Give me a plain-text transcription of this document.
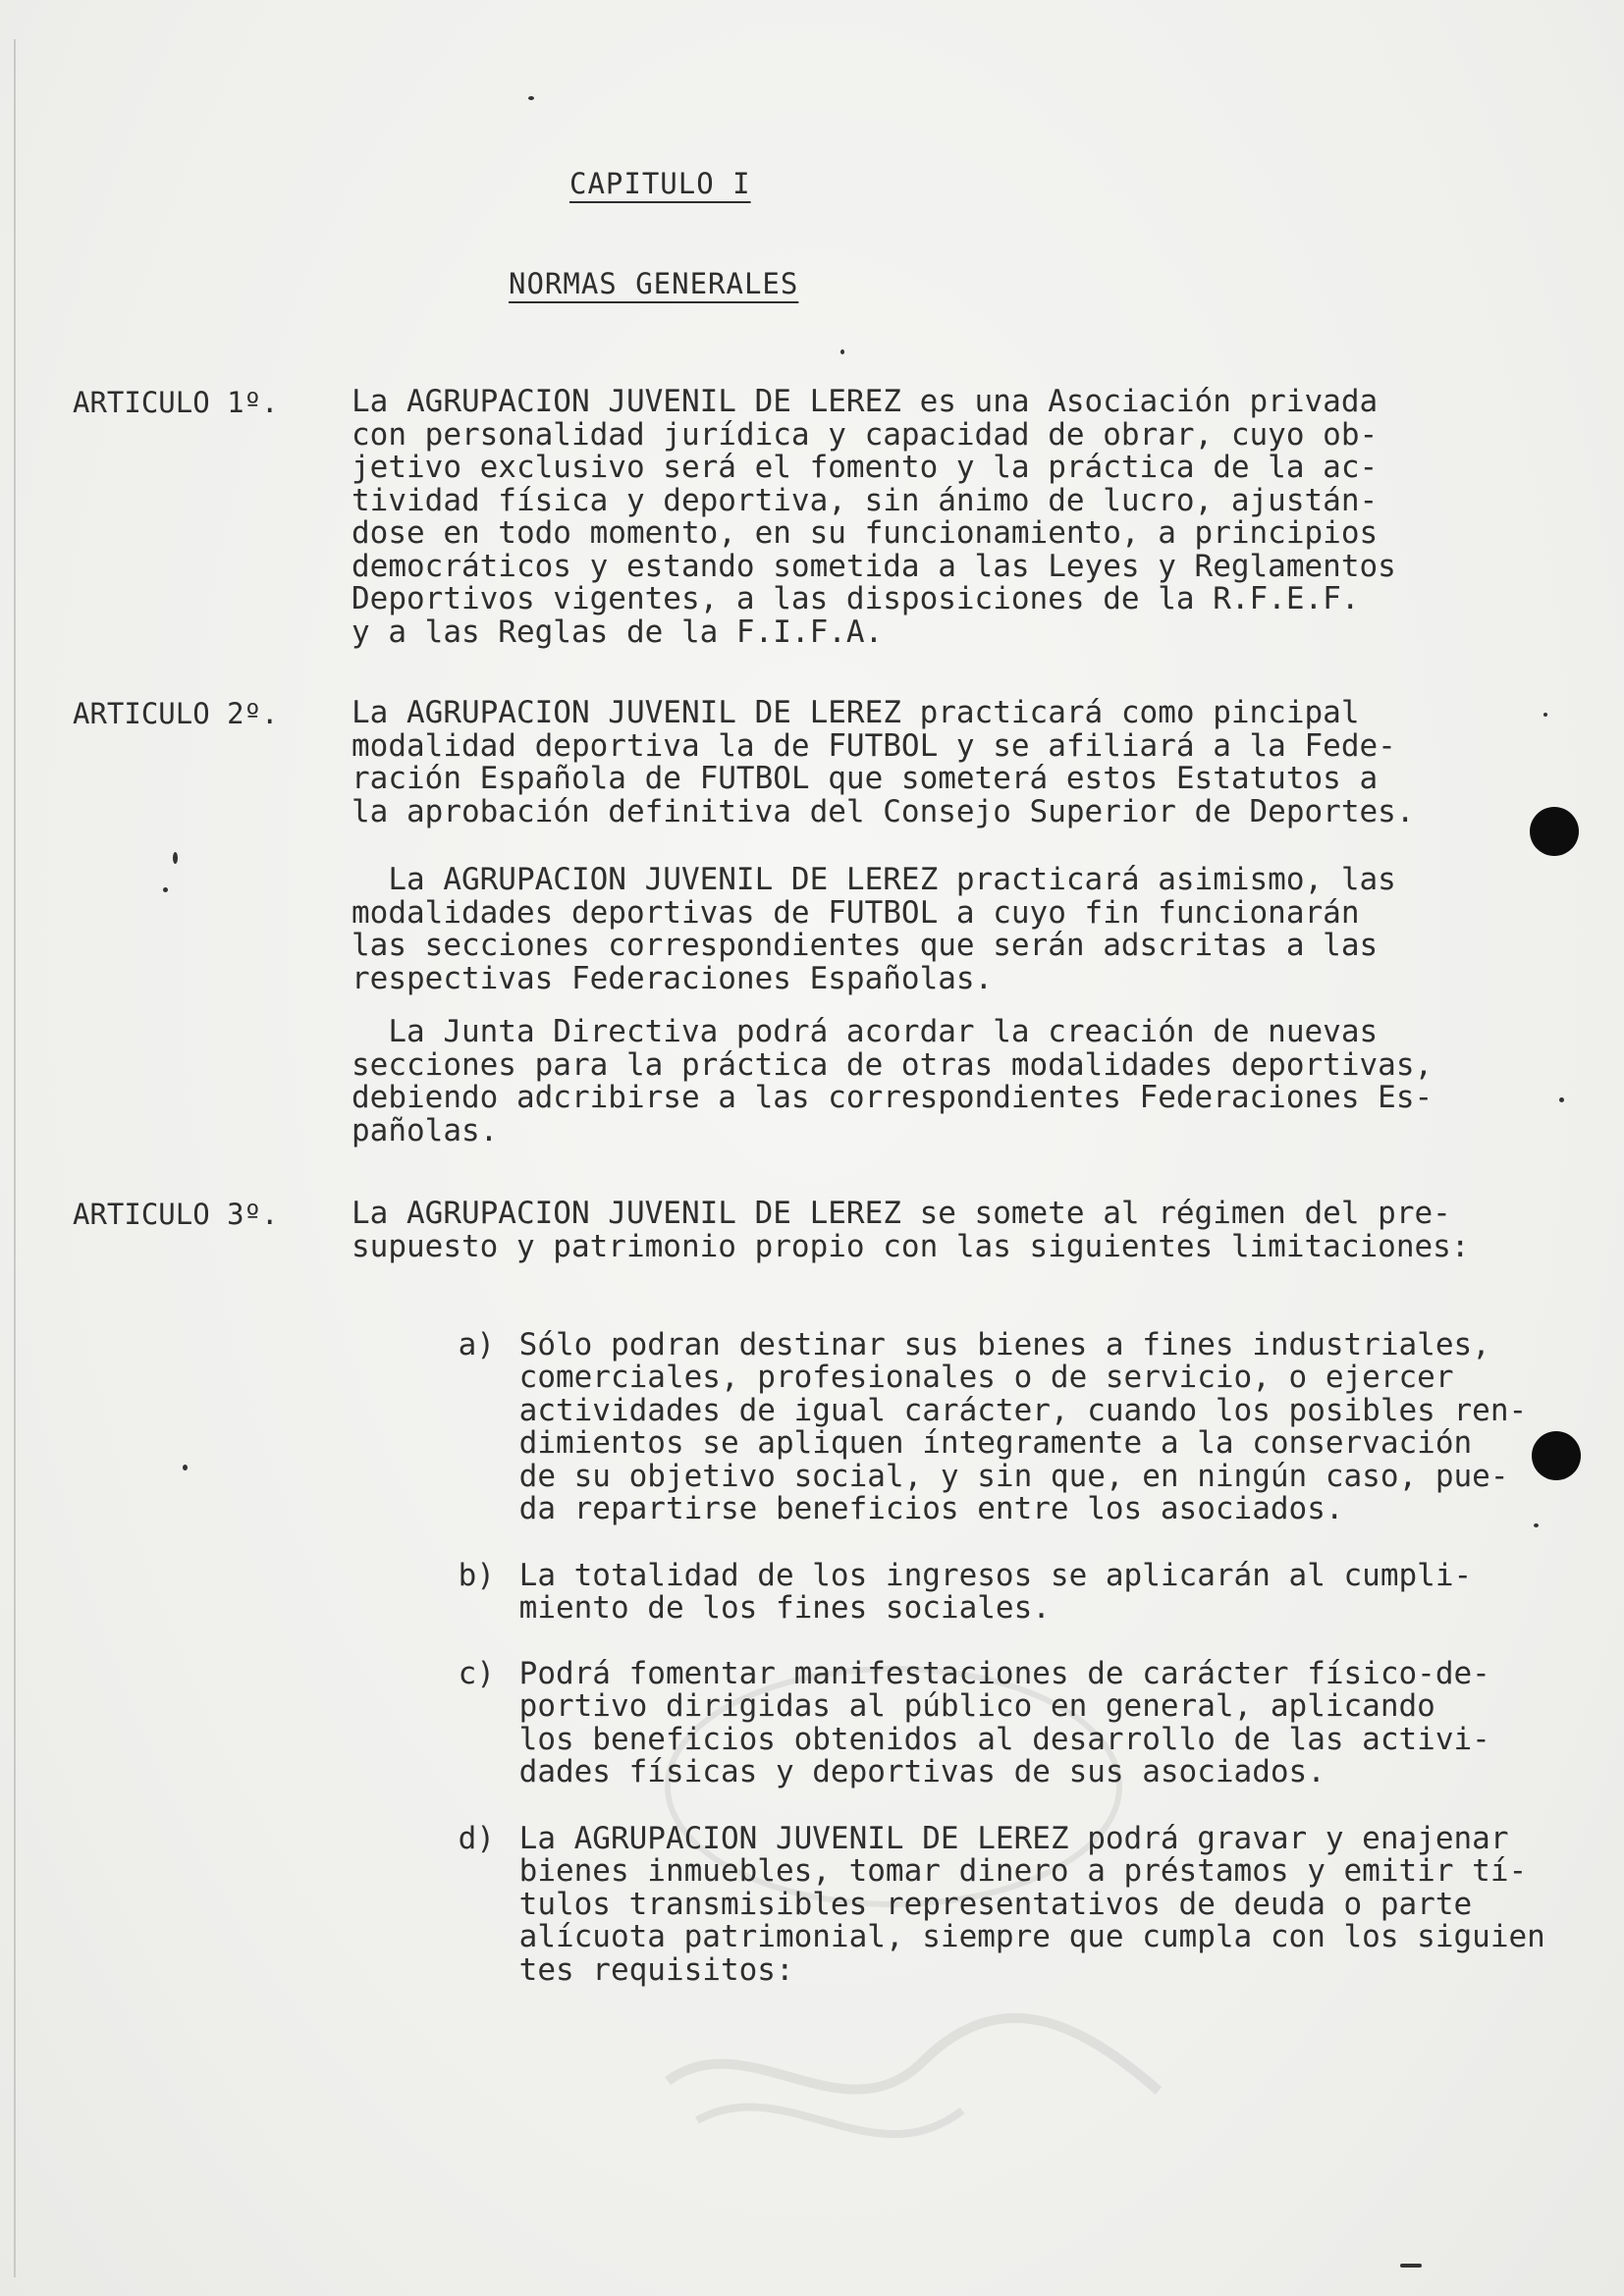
CAPITULO I
NORMAS GENERALES
ARTICULO 1º. La AGRUPACION JUVENIL DE LEREZ es una Asociación privada
con personalidad jurídica y capacidad de obrar, cuyo ob-
jetivo exclusivo será el fomento y la práctica de la ac-
tividad física y deportiva, sin ánimo de lucro, ajustán-
dose en todo momento, en su funcionamiento, a principios
democráticos y estando sometida a las Leyes y Reglamentos
Deportivos vigentes, a las disposiciones de la R.F.E.F.
y a las Reglas de la F.I.F.A.
ARTICULO 2º. La AGRUPACION JUVENIL DE LEREZ practicará como pincipal
modalidad deportiva la de FUTBOL y se afiliará a la Fede-
ración Española de FUTBOL que someterá estos Estatutos a
la aprobación definitiva del Consejo Superior de Deportes.
La AGRUPACION JUVENIL DE LEREZ practicará asimismo, las
modalidades deportivas de FUTBOL a cuyo fin funcionarán
las secciones correspondientes que serán adscritas a las
respectivas Federaciones Españolas.
La Junta Directiva podrá acordar la creación de nuevas
secciones para la práctica de otras modalidades deportivas,
debiendo adcribirse a las correspondientes Federaciones Es-
pañolas.
ARTICULO 3º. La AGRUPACION JUVENIL DE LEREZ se somete al régimen del pre-
supuesto y patrimonio propio con las siguientes limitaciones:

a) Sólo podran destinar sus bienes a fines industriales,
comerciales, profesionales o de servicio, o ejercer
actividades de igual carácter, cuando los posibles ren-
dimientos se apliquen íntegramente a la conservación
de su objetivo social, y sin que, en ningún caso, pue-
da repartirse beneficios entre los asociados.

b) La totalidad de los ingresos se aplicarán al cumpli-
miento de los fines sociales.

c) Podrá fomentar manifestaciones de carácter físico-de-
portivo dirigidas al público en general, aplicando
los beneficios obtenidos al desarrollo de las activi-
dades físicas y deportivas de sus asociados.

d) La AGRUPACION JUVENIL DE LEREZ podrá gravar y enajenar
bienes inmuebles, tomar dinero a préstamos y emitir tí-
tulos transmisibles representativos de deuda o parte
alícuota patrimonial, siempre que cumpla con los siguien
tes requisitos:
